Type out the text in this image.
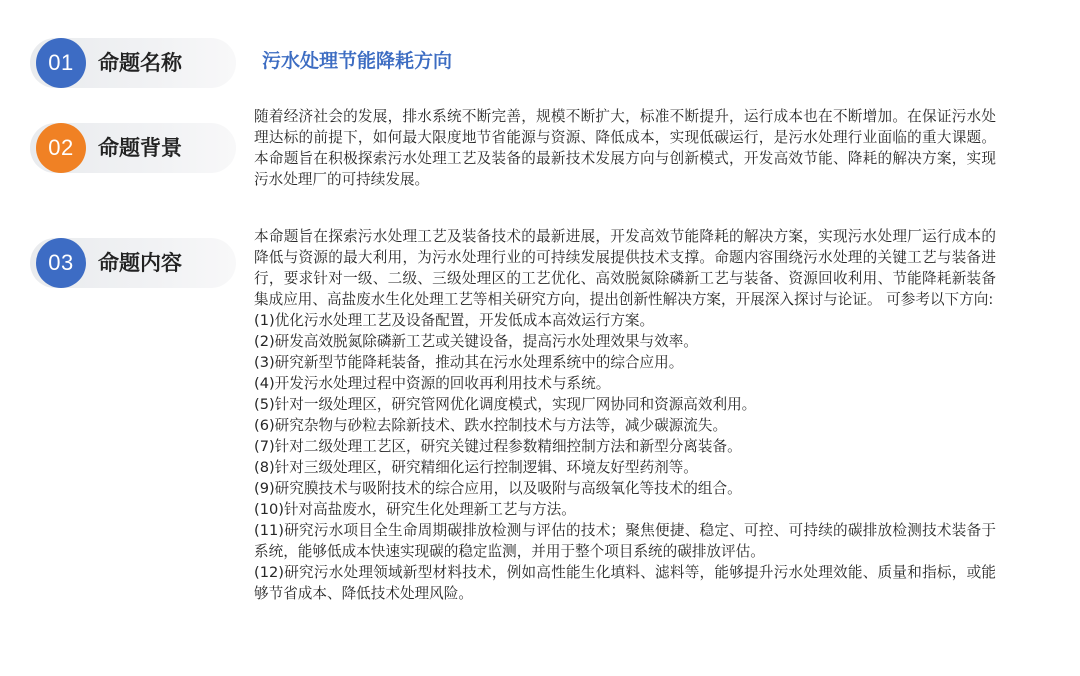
01	命题名称
02	命题背景
03	命题内容
污水处理节能降耗方向

随着经济社会的发展，排水系统不断完善，规模不断扩大，标准不断提升，运行成本也在不断增加。在保证污水处理达标的前提下，如何最大限度地节省能源与资源、降低成本，实现低碳运行，是污水处理行业面临的重大课题。本命题旨在积极探索污水处理工艺及装备的最新技术发展方向与创新模式，开发高效节能、降耗的解决方案，实现污水处理厂的可持续发展。

本命题旨在探索污水处理工艺及装备技术的最新进展，开发高效节能降耗的解决方案，实现污水处理厂运行成本的降低与资源的最大利用，为污水处理行业的可持续发展提供技术支撑。命题内容围绕污水处理的关键工艺与装备进行，要求针对一级、二级、三级处理区的工艺优化、高效脱氮除磷新工艺与装备、资源回收利用、节能降耗新装备集成应用、高盐废水生化处理工艺等相关研究方向，提出创新性解决方案，开展深入探讨与论证。 可参考以下方向:

(1)优化污水处理工艺及设备配置，开发低成本高效运行方案。

(2)研发高效脱氮除磷新工艺或关键设备，提高污水处理效果与效率。

(3)研究新型节能降耗装备，推动其在污水处理系统中的综合应用。

(4)开发污水处理过程中资源的回收再利用技术与系统。

(5)针对一级处理区，研究管网优化调度模式，实现厂网协同和资源高效利用。

(6)研究杂物与砂粒去除新技术、跌水控制技术与方法等，减少碳源流失。

(7)针对二级处理工艺区，研究关键过程参数精细控制方法和新型分离装备。

(8)针对三级处理区，研究精细化运行控制逻辑、环境友好型药剂等。

(9)研究膜技术与吸附技术的综合应用，以及吸附与高级氧化等技术的组合。

(10)针对高盐废水，研究生化处理新工艺与方法。

(11)研究污水项目全生命周期碳排放检测与评估的技术；聚焦便捷、稳定、可控、可持续的碳排放检测技术装备于系统，能够低成本快速实现碳的稳定监测，并用于整个项目系统的碳排放评估。

(12)研究污水处理领域新型材料技术，例如高性能生化填料、滤料等，能够提升污水处理效能、质量和指标，或能够节省成本、降低技术处理风险。
